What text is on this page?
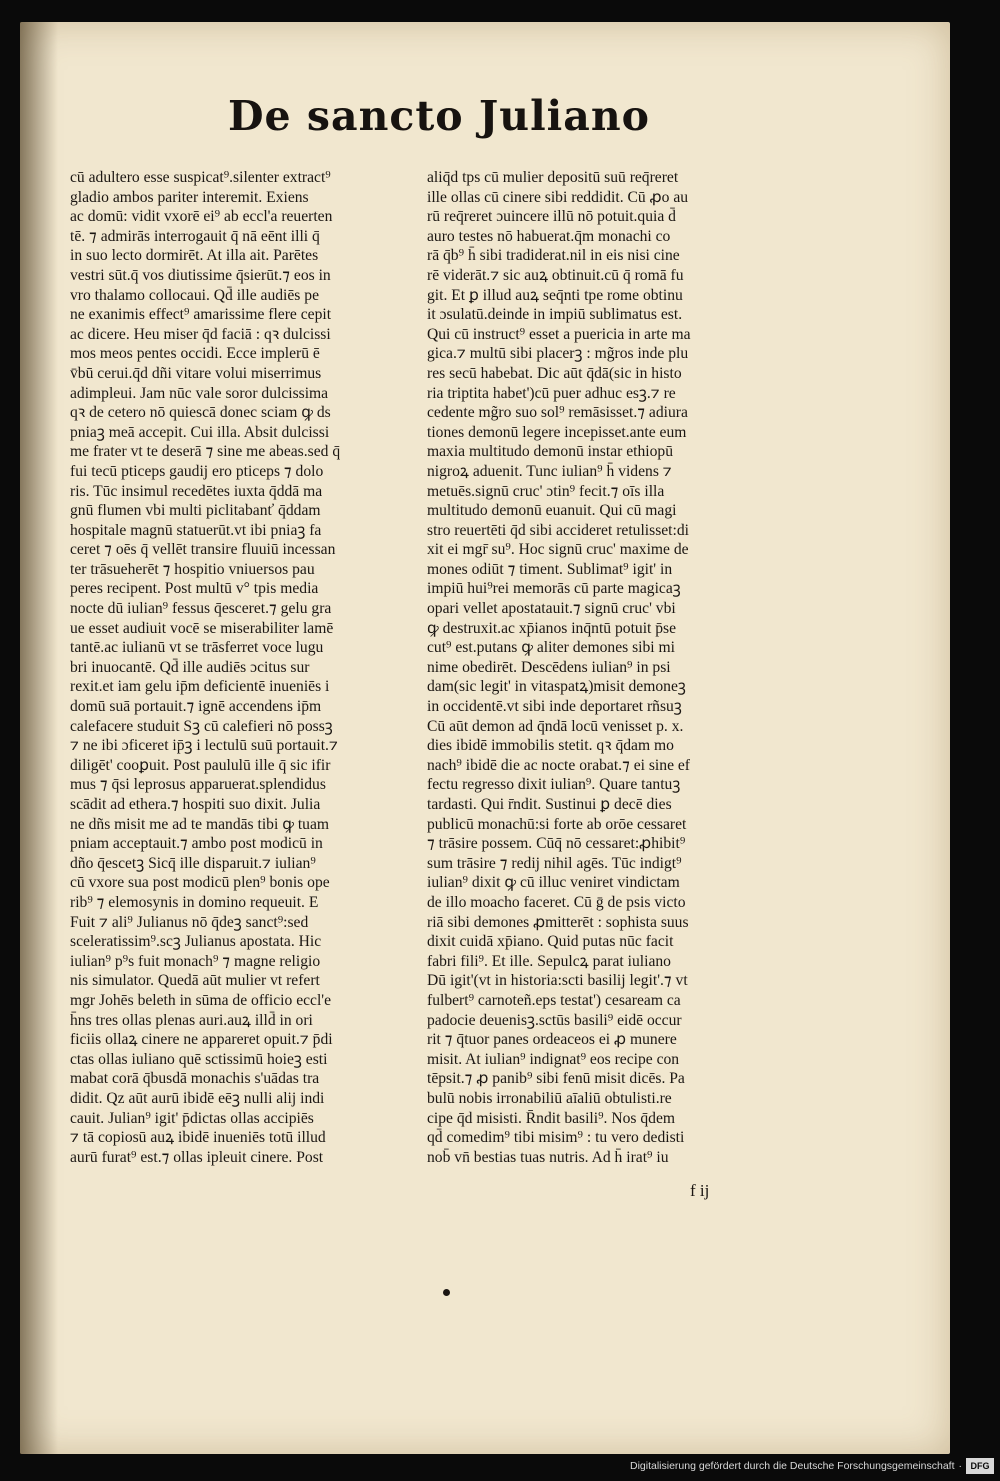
De sancto Juliano
cū adultero esse suspicat⁹.silenter extract⁹
gladio ambos pariter interemit. Exiens
ac domū: vidit vxorē ei⁹ ab eccl'a reuerten
tē. ⁊ admirās interrogauit q̄ nā eēnt illi q̄
in suo lecto dormirēt. At illa ait. Parētes
vestri sūt.q̄ vos diutissime q̄sierūt.⁊ eos in
vro thalamo collocaui. Qd̄ ille audiēs pe
ne exanimis effect⁹ amarissime flere cepit
ac dicere. Heu miser q̄d faciā : qꝛ dulcissi
mos meos pentes occidi. Ecce implerū ē
v̄bū cerui.q̄d dñi vitare volui miserrimus
adimpleui. Jam nūc vale soror dulcissima
qꝛ de cetero nō quiescā donec sciam ꝙ ds
pniaꝫ meā accepit. Cui illa. Absit dulcissi
me frater vt te deserā ⁊ sine me abeas.sed q̄
fui tecū pticeps gaudij ero pticeps ⁊ dolo
ris. Tūc insimul recedētes iuxta q̄ddā ma
gnū flumen vbi multi piclitabanť q̄ddam
hospitale magnū statuerūt.vt ibi pniaꝫ fa
ceret ⁊ oēs q̄ vellēt transire fluuiū incessan
ter trāsueherēt ⁊ hospitio vniuersos pau
peres recipent. Post multū v° tpis media
nocte dū iulian⁹ fessus q̄esceret.⁊ gelu gra
ue esset audiuit vocē se miserabiliter lamē
tantē.ac iulianū vt se trāsferret voce lugu
bri inuocantē. Qd̄ ille audiēs ɔcitus sur
rexit.et iam gelu ip̄m deficientē inueniēs i
domū suā portauit.⁊ ignē accendens ip̄m
calefacere studuit Sꝫ cū calefieri nō possꝫ
⁊ ne ibi ɔficeret ip̄ꝫ i lectulū suū portauit.⁊
diligēt' cooꝑuit. Post paululū ille q̄ sic ifir
mus ⁊ q̄si leprosus apparuerat.splendidus
scādit ad ethera.⁊ hospiti suo dixit. Julia
ne dñs misit me ad te mandās tibi ꝙ tuam
pniam acceptauit.⁊ ambo post modicū in
dño q̄escetꝫ Sicq̄ ille disparuit.⁊ iulian⁹
cū vxore sua post modicū plen⁹ bonis ope
rib⁹ ⁊ elemosynis in domino requeuit. E
Fuit ⁊ ali⁹ Julianus nō q̄deꝫ sanct⁹:sed
sceleratissim⁹.scꝫ Julianus apostata. Hic
iulian⁹ p⁹s fuit monach⁹ ⁊ magne religio
nis simulator. Quedā aūt mulier vt refert
mgr Johēs beleth in sūma de officio eccl'e
h̄ns tres ollas plenas auri.auꝝ illd̄ in ori
ficiis ollaꝝ cinere ne appareret opuit.⁊ p̄di
ctas ollas iuliano quē sctissimū hoieꝫ esti
mabat corā q̄busdā monachis s'uādas tra
didit. Qz aūt aurū ibidē eēꝫ nulli alij indi
cauit. Julian⁹ igit' p̄dictas ollas accipiēs
⁊ tā copiosū auꝝ ibidē inueniēs totū illud
aurū furat⁹ est.⁊ ollas ipleuit cinere. Post
aliq̄d tps cū mulier depositū suū req̄reret
ille ollas cū cinere sibi reddidit. Cū ꝓo au
rū req̄reret ɔuincere illū nō potuit.quia d̄
auro testes nō habuerat.q̄m monachi co
rā q̄b⁹ h̄ sibi tradiderat.nil in eis nisi cine
rē viderāt.⁊ sic auꝝ obtinuit.cū q̄ romā fu
git. Et ꝑ illud auꝝ seq̄nti tpe rome obtinu
it ɔsulatū.deinde in impiū sublimatus est.
Qui cū instruct⁹ esset a puericia in arte ma
gica.⁊ multū sibi placerꝫ : mg̃ros inde plu
res secū habebat. Dic aūt q̄dā(sic in histo
ria triptita habet')cū puer adhuc esꝫ.⁊ re
cedente mg̃ro suo sol⁹ remāsisset.⁊ adiura
tiones demonū legere incepisset.ante eum
maxia multitudo demonū instar ethiopū
nigroꝝ aduenit. Tunc iulian⁹ h̄ videns ⁊
metuēs.signū cruc' ɔtin⁹ fecit.⁊ oīs illa
multitudo demonū euanuit. Qui cū magi
stro reuertēti q̄d sibi accideret retulisset:di
xit ei mgr̄ su⁹. Hoc signū cruc' maxime de
mones odiūt ⁊ timent. Sublimat⁹ igit' in
impiū hui⁹rei memorās cū parte magicaꝫ
opari vellet apostatauit.⁊ signū cruc' vbi
ꝙ destruxit.ac xp̄ianos inq̄ntū potuit p̄se
cut⁹ est.putans ꝙ aliter demones sibi mi
nime obedirēt. Descēdens iulian⁹ in psi
dam(sic legit' in vitaspatꝝ)misit demoneꝫ
in occidentē.vt sibi inde deportaret rñsuꝫ
Cū aūt demon ad q̄ndā locū venisset p. x.
dies ibidē immobilis stetit. qꝛ q̄dam mo
nach⁹ ibidē die ac nocte orabat.⁊ ei sine ef
fectu regresso dixit iulian⁹. Quare tantuꝫ
tardasti. Qui r̄ndit. Sustinui ꝑ decē dies
publicū monachū:si forte ab orōe cessaret
⁊ trāsire possem. Cūq̄ nō cessaret:ꝓhibit⁹
sum trāsire ⁊ redij nihil agēs. Tūc indigt⁹
iulian⁹ dixit ꝙ cū illuc veniret vindictam
de illo moacho faceret. Cū ḡ de psis victo
riā sibi demones ꝓmitterēt : sophista suus
dixit cuidā xp̄iano. Quid putas nūc facit
fabri fili⁹. Et ille. Sepulcꝝ parat iuliano
Dū igit'(vt in historia:scti basilij legit'.⁊ vt
fulbert⁹ carnoteñ.eps testat') cesaream ca
padocie deuenisꝫ.sctūs basili⁹ eidē occur
rit ⁊ q̄tuor panes ordeaceos ei ꝓ munere
misit. At iulian⁹ indignat⁹ eos recipe con
tēpsit.⁊ ꝓ panib⁹ sibi fenū misit dicēs. Pa
bulū nobis irronabiliū aīaliū obtulisti.re
cipe q̄d misisti. R̄ndit basili⁹. Nos q̄dem
qd̄ comedim⁹ tibi misim⁹ : tu vero dedisti
nob̄ vn̄ bestias tuas nutris. Ad h̄ irat⁹ iu
f ij
Digitalisierung gefördert durch die Deutsche Forschungsgemeinschaft · DFG
